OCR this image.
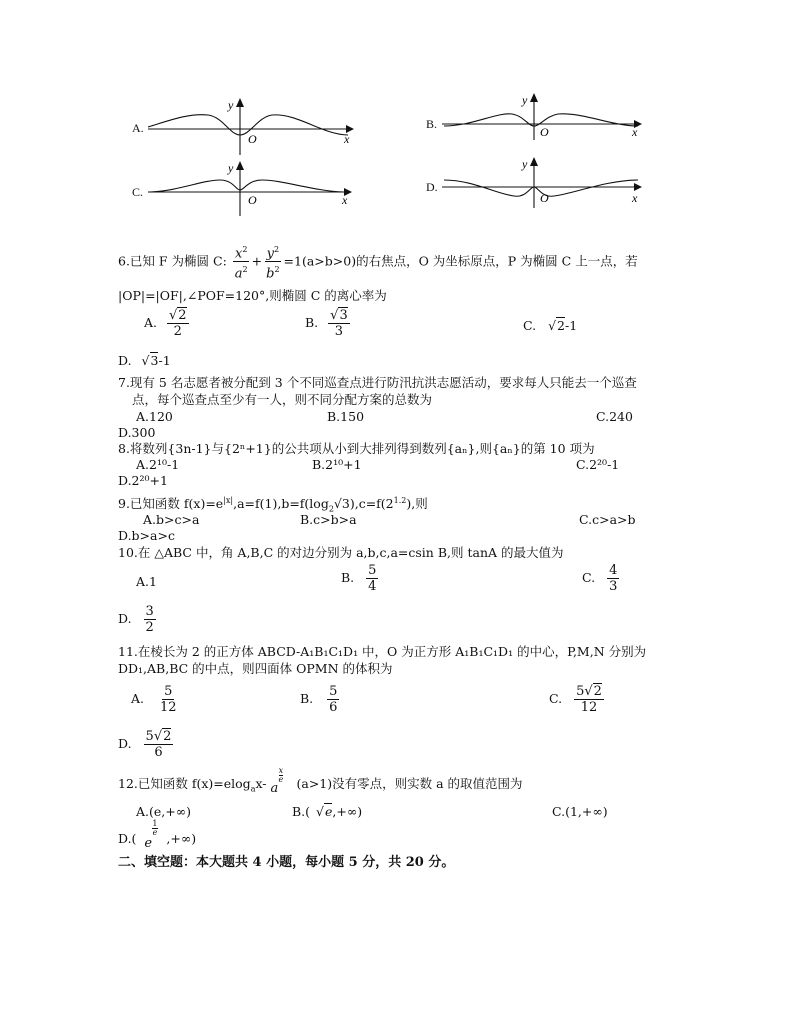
A.
y
O	x
B.
y
O	x
C.
y
O	x
D.
y
O	x
6.已知 F 为椭圆 C: $\frac{x^2}{a^2} + \frac{y^2}{b^2} =1(a>b>0)$的右焦点，O 为坐标原点，P 为椭圆 C 上一点，若
|OP|=|OF|,∠POF=120°,则椭圆 C 的离心率为
A. $\frac{√2}{2}$	B. $\frac{√3}{3}$	C. √2-1
D. √3-1
7.现有 5 名志愿者被分配到 3 个不同巡查点进行防汛抗洪志愿活动，要求每人只能去一个巡查
点，每个巡查点至少有一人，则不同分配方案的总数为
A.120	B.150	C.240
D.300
8.将数列{3n-1}与{2ⁿ+1}的公共项从小到大排列得到数列{aₙ},则{aₙ}的第 10 项为
A.2¹⁰-1	B.2¹⁰+1	C.2²⁰-1
D.2²⁰+1
9.已知函数 $f(x)=e^{|x|},a=f(1),b=f(\log_2√3),c=f(2^{1.2})$,则
A.b>c>a	B.c>b>a	C.c>a>b
D.b>a>c
10.在 △ABC 中，角 A,B,C 的对边分别为 a,b,c,a=csin B,则 tanA 的最大值为
A.1	B. $\frac{5}{4}$	C. $\frac{4}{3}$
D. $\frac{3}{2}$
11.在棱长为 2 的正方体 ABCD-A₁B₁C₁D₁ 中，O 为正方形 A₁B₁C₁D₁ 的中心，P,M,N 分别为
DD₁,AB,BC 的中点，则四面体 OPMN 的体积为
A. $\frac{5}{12}$	B. $\frac{5}{6}$	C. $\frac{5√2}{12}$
D. $\frac{5√2}{6}$
12.已知函数 f(x)=elog$_a$x- a
x
e (a>1)没有零点，则实数 a 的取值范围为
A.(e,+∞)	B.( √e,+∞)	C.(1,+∞)
D.( e
1
e ,+∞)
二、填空题：本大题共 4 小题，每小题 5 分，共 20 分。
